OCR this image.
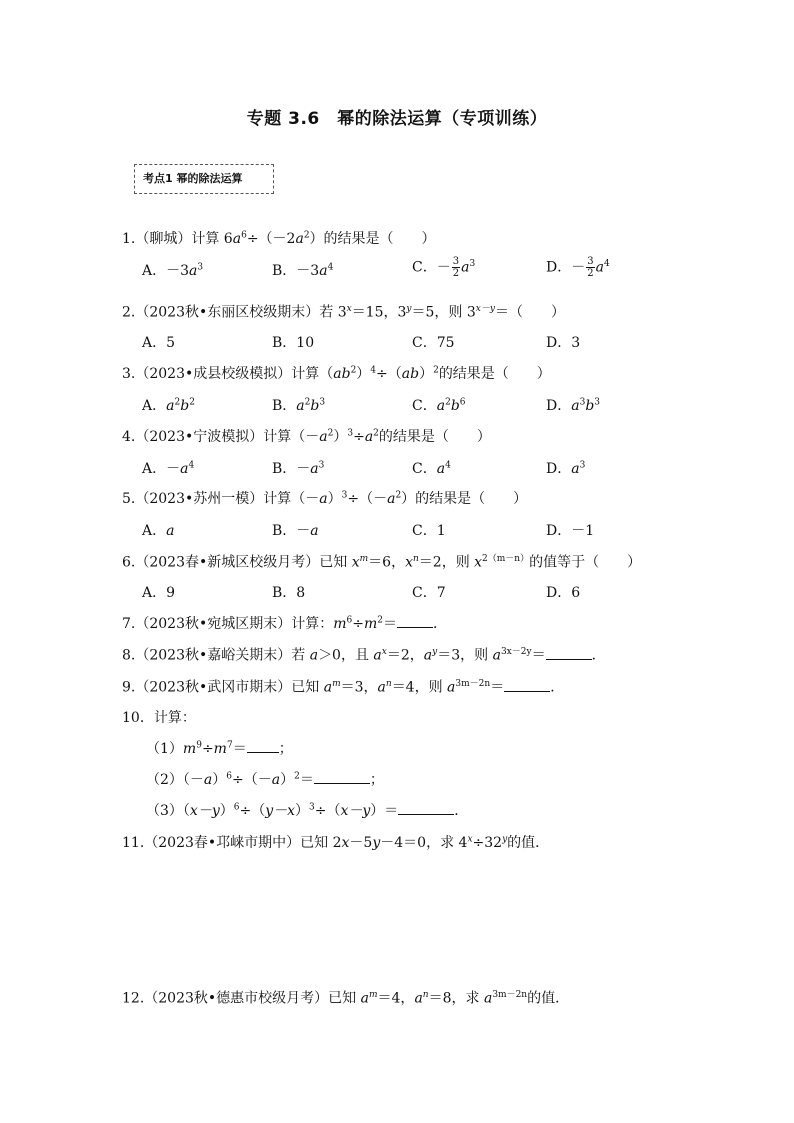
专题 3.6　幂的除法运算（专项训练）
考点1 幂的除法运算
1.（聊城）计算 $6a^6\div(-2a^2)$的结果是（　　）
A．$-3a^3$	B．$-3a^4$	C．－ $\frac{3}{2} a^3$	D．－ $\frac{3}{2} a^4$
2.（2023秋•东丽区校级期末）若 $3^x=15$，$3^y=5$，则 $3^{x-y}=$（　　）
A．5	B．10	C．75	D．3
3.（2023•成县校级模拟）计算$(ab^2)^4\div(ab)^2$的结果是（　　）
A．$a^2b^2$	B．$a^2b^3$	C．$a^2b^6$	D．$a^3b^3$
4.（2023•宁波模拟）计算$(-a^2)^3\div a^2$的结果是（　　）
A．$-a^4$	B．$-a^3$	C．$a^4$	D．$a^3$
5.（2023•苏州一模）计算$(-a)^3\div(-a^2)$的结果是（　　）
A．a	B．－a	C．1	D．－1
6.（2023春•新城区校级月考）已知 $x^m=6$，$x^n=2$，则 $x^{2(m-n)}$的值等于（　　）
A．9	B．8	C．7	D．6
7.（2023秋•宛城区期末）计算：$m^6\div m^2=$	．
8.（2023秋•嘉峪关期末）若 a＞0，且 $a^x=2$，$a^y=3$，则 $a^{3x-2y}=$	．
9.（2023秋•武冈市期末）已知 $a^m=3$，$a^n=4$，则 $a^{3m-2n}=$	．
10．计算：
$(1)m^9\div m^7=$ ；
$(2)(-a)^6\div(-a)^2=$	；
$(3)(x-y)^6\div(y-x)^3\div(x-y)=$	．
11.（2023春•邛崃市期中）已知 2x－5y－4＝0，求 $4^x\div 32^y$的值．
12.（2023秋•德惠市校级月考）已知 $a^m=4$，$a^n=8$，求 $a^{3m-2n}$的值．
